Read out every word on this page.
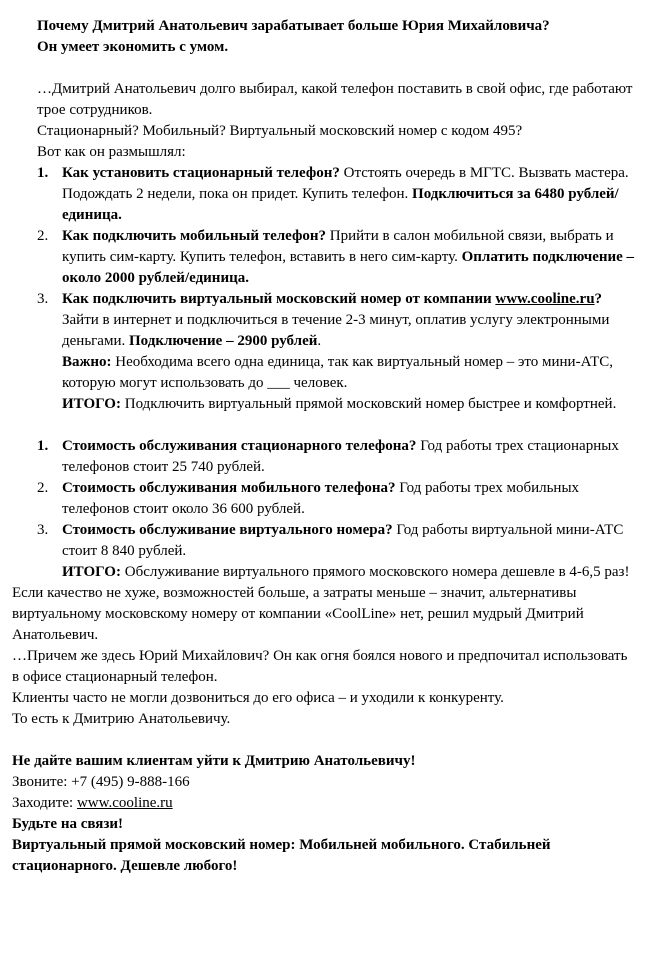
Почему Дмитрий Анатольевич зарабатывает больше Юрия Михайловича?

Он умеет экономить с умом.

…Дмитрий Анатольевич долго выбирал, какой телефон поставить в свой офис, где работают трое сотрудников.

Стационарный? Мобильный? Виртуальный московский номер с кодом 495?

Вот как он размышлял:

1. Как установить стационарный телефон? Отстоять очередь в МГТС. Вызвать мастера. Подождать 2 недели, пока он придет. Купить телефон. Подключиться за 6480 рублей/единица.
2. Как подключить мобильный телефон? Прийти в салон мобильной связи, выбрать и купить сим-карту. Купить телефон, вставить в него сим-карту. Оплатить подключение – около 2000 рублей/единица.
3. Как подключить виртуальный московский номер от компании www.cooline.ru? Зайти в интернет и подключиться в течение 2-3 минут, оплатив услугу электронными деньгами. Подключение – 2900 рублей.

Важно: Необходима всего одна единица, так как виртуальный номер – это мини-АТС, которую могут использовать до ___ человек.

ИТОГО: Подключить виртуальный прямой московский номер быстрее и комфортней.

1. Стоимость обслуживания стационарного телефона? Год работы трех стационарных телефонов стоит 25 740 рублей.
2. Стоимость обслуживания мобильного телефона? Год работы трех мобильных телефонов стоит около 36 600 рублей.
3. Стоимость обслуживание виртуального номера? Год работы виртуальной мини-АТС стоит 8 840 рублей.

ИТОГО: Обслуживание виртуального прямого московского номера дешевле в 4-6,5 раз!

Если качество не хуже, возможностей больше, а затраты меньше – значит, альтернативы виртуальному московскому номеру от компании «CoolLine» нет, решил мудрый Дмитрий Анатольевич.

…Причем же здесь Юрий Михайлович? Он как огня боялся нового и предпочитал использовать в офисе стационарный телефон.

Клиенты часто не могли дозвониться до его офиса – и уходили к конкуренту.

То есть к Дмитрию Анатольевичу.

Не дайте вашим клиентам уйти к Дмитрию Анатольевичу!

Звоните: +7 (495) 9-888-166

Заходите: www.cooline.ru

Будьте на связи!

Виртуальный прямой московский номер: Мобильней мобильного. Стабильней стационарного. Дешевле любого!
